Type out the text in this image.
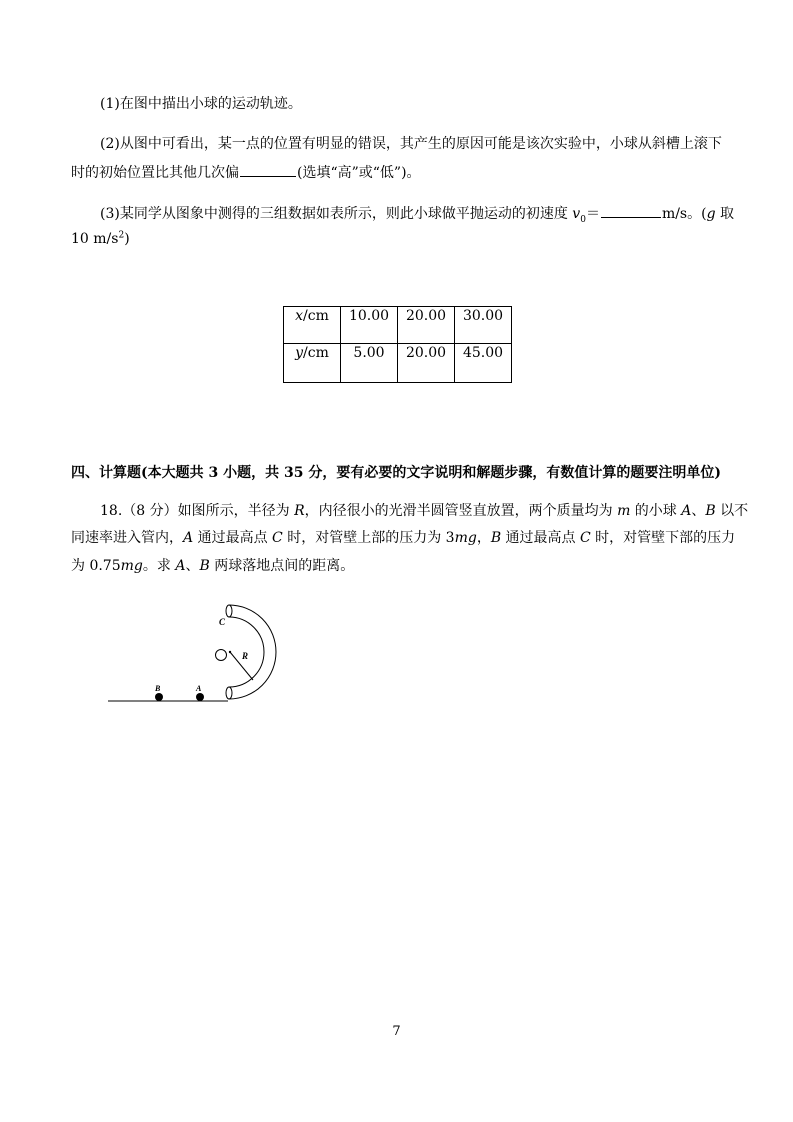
(1)在图中描出小球的运动轨迹。
(2)从图中可看出，某一点的位置有明显的错误，其产生的原因可能是该次实验中，小球从斜槽上滚下
时的初始位置比其他几次偏	(选填“高”或“低”)。
(3)某同学从图象中测得的三组数据如表所示，则此小球做平抛运动的初速度 $v_0=$	m/s。(g 取
10 $m/s^2$)
x/cm	10.00	20.00	30.00
y/cm	5.00	20.00	45.00
四、计算题(本大题共 3 小题，共 35 分，要有必要的文字说明和解题步骤，有数值计算的题要注明单位)
18.（8 分）如图所示，半径为 R，内径很小的光滑半圆管竖直放置，两个质量均为 m 的小球 A、B 以不
同速率进入管内，A 通过最高点 C 时，对管壁上部的压力为 3mg，B 通过最高点 C 时，对管壁下部的压力
为 0.75mg。求 A、B 两球落地点间的距离。
C
R
B	A
7
